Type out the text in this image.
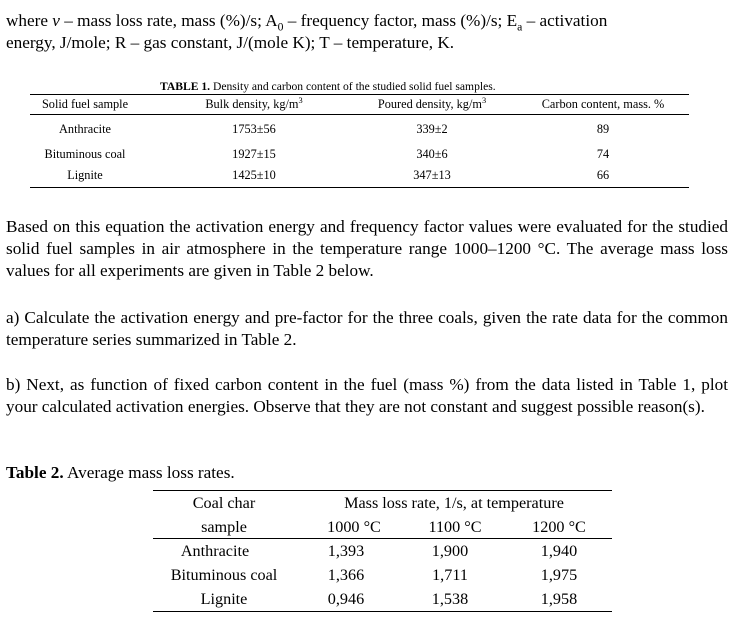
where ν – mass loss rate, mass (%)/s; $A_0$ – frequency factor, mass (%)/s; $E_a$ – activation
energy, J/mole; R – gas constant, J/(mole K); T – temperature, K.

TABLE 1. Density and carbon content of the studied solid fuel samples.
Solid fuel sample	Bulk density, $kg/m^3$	Poured density, $kg/m^3$	Carbon content, mass. %
Anthracite	1753±56	339±2	89
Bituminous coal	1927±15	340±6	74
Lignite	1425±10	347±13	66

Based on this equation the activation energy and frequency factor values were evaluated for the studied solid fuel samples in air atmosphere in the temperature range 1000–1200 °C. The average mass loss values for all experiments are given in Table 2 below.

a) Calculate the activation energy and pre-factor for the three coals, given the rate data for the common temperature series summarized in Table 2.

b) Next, as function of fixed carbon content in the fuel (mass %) from the data listed in Table 1, plot your calculated activation energies. Observe that they are not constant and suggest possible reason(s).

Table 2. Average mass loss rates.
Coal char
sample
Mass loss rate, 1/s, at temperature
1000 °C	1100 °C	1200 °C
Anthracite	1,393	1,900	1,940
Bituminous coal	1,366	1,711	1,975
Lignite	0,946	1,538	1,958
